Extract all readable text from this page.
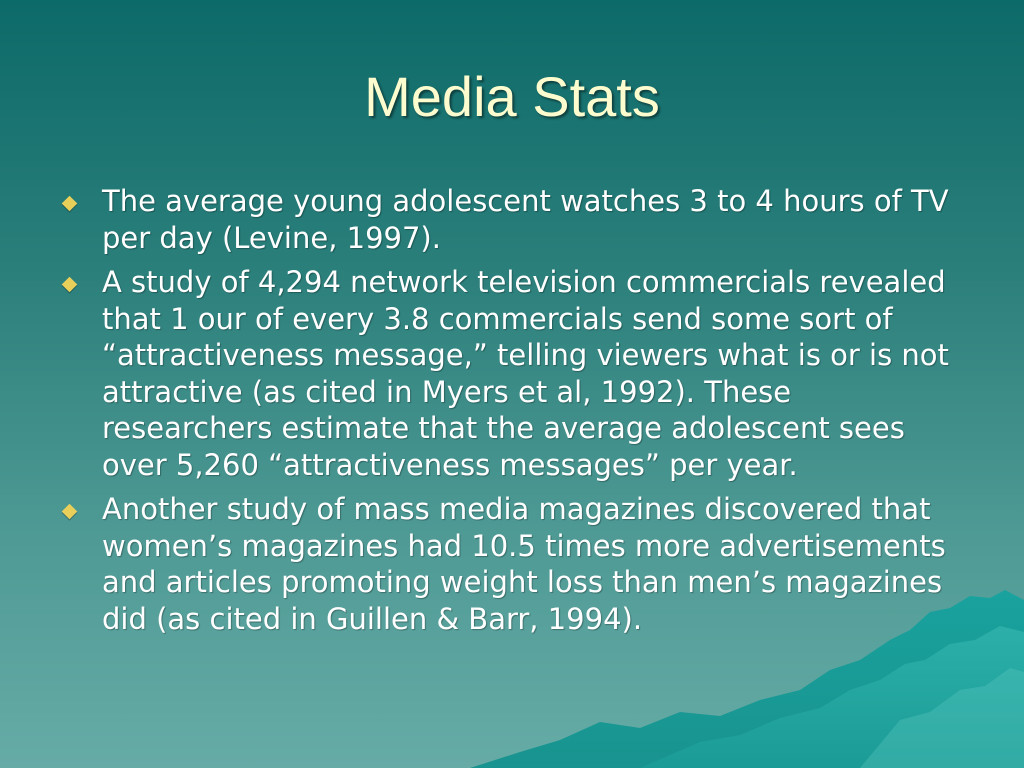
Media Stats
The average young adolescent watches 3 to 4 hours of TV per day (Levine, 1997).
A study of 4,294 network television commercials revealed that 1 our of every 3.8 commercials send some sort of “attractiveness message,” telling viewers what is or is not attractive (as cited in Myers et al, 1992). These researchers estimate that the average adolescent sees over 5,260 “attractiveness messages” per year.
Another study of mass media magazines discovered that women’s magazines had 10.5 times more advertisements and articles promoting weight loss than men’s magazines did (as cited in Guillen & Barr, 1994).
